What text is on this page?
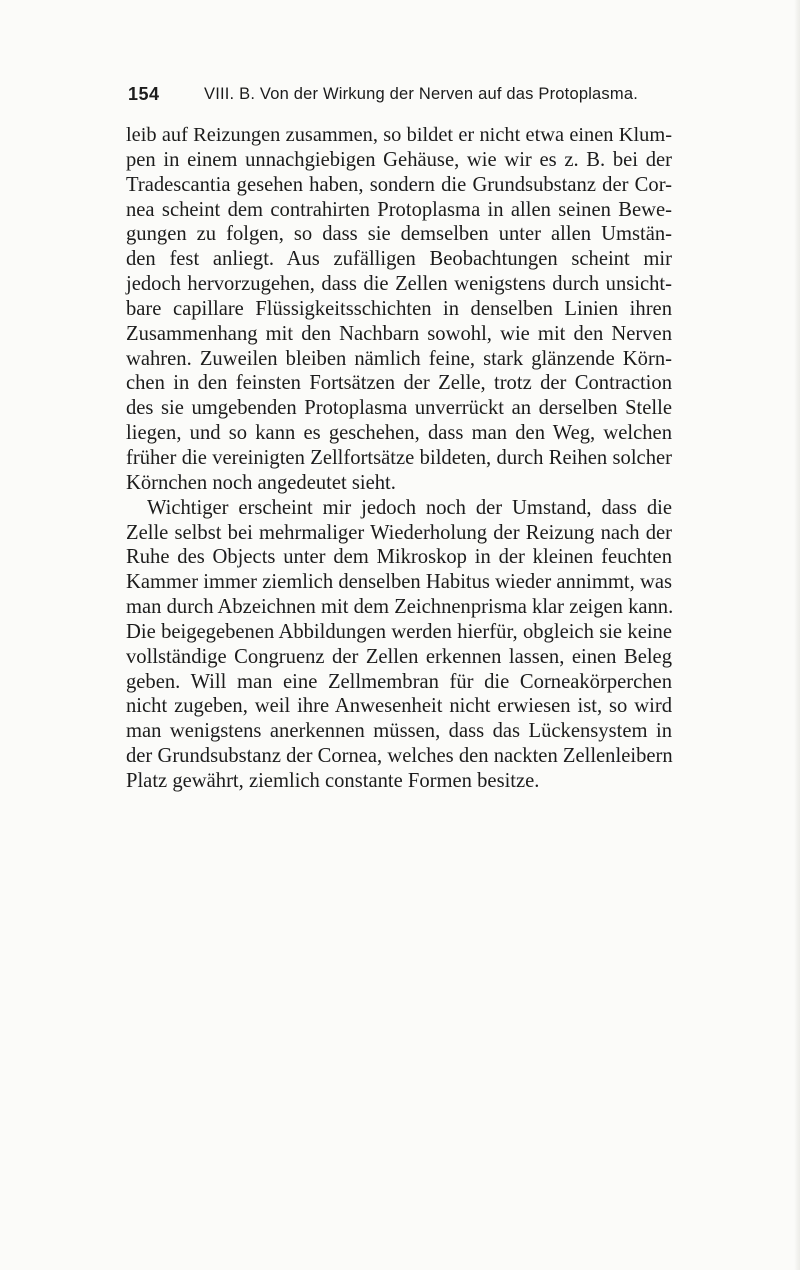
154	VIII. B. Von der Wirkung der Nerven auf das Protoplasma.

leib auf Reizungen zusammen, so bildet er nicht etwa einen Klum-
pen in einem unnachgiebigen Gehäuse, wie wir es z. B. bei der
Tradescantia gesehen haben, sondern die Grundsubstanz der Cor-
nea scheint dem contrahirten Protoplasma in allen seinen Bewe-
gungen zu folgen, so dass sie demselben unter allen Umstän-
den fest anliegt. Aus zufälligen Beobachtungen scheint mir
jedoch hervorzugehen, dass die Zellen wenigstens durch unsicht-
bare capillare Flüssigkeitsschichten in denselben Linien ihren
Zusammenhang mit den Nachbarn sowohl, wie mit den Nerven
wahren. Zuweilen bleiben nämlich feine, stark glänzende Körn-
chen in den feinsten Fortsätzen der Zelle, trotz der Contraction
des sie umgebenden Protoplasma unverrückt an derselben Stelle
liegen, und so kann es geschehen, dass man den Weg, welchen
früher die vereinigten Zellfortsätze bildeten, durch Reihen solcher
Körnchen noch angedeutet sieht.

Wichtiger erscheint mir jedoch noch der Umstand, dass die
Zelle selbst bei mehrmaliger Wiederholung der Reizung nach der
Ruhe des Objects unter dem Mikroskop in der kleinen feuchten
Kammer immer ziemlich denselben Habitus wieder annimmt, was
man durch Abzeichnen mit dem Zeichnenprisma klar zeigen kann.
Die beigegebenen Abbildungen werden hierfür, obgleich sie keine
vollständige Congruenz der Zellen erkennen lassen, einen Beleg
geben. Will man eine Zellmembran für die Corneakörperchen
nicht zugeben, weil ihre Anwesenheit nicht erwiesen ist, so wird
man wenigstens anerkennen müssen, dass das Lückensystem in
der Grundsubstanz der Cornea, welches den nackten Zellenleibern
Platz gewährt, ziemlich constante Formen besitze.
